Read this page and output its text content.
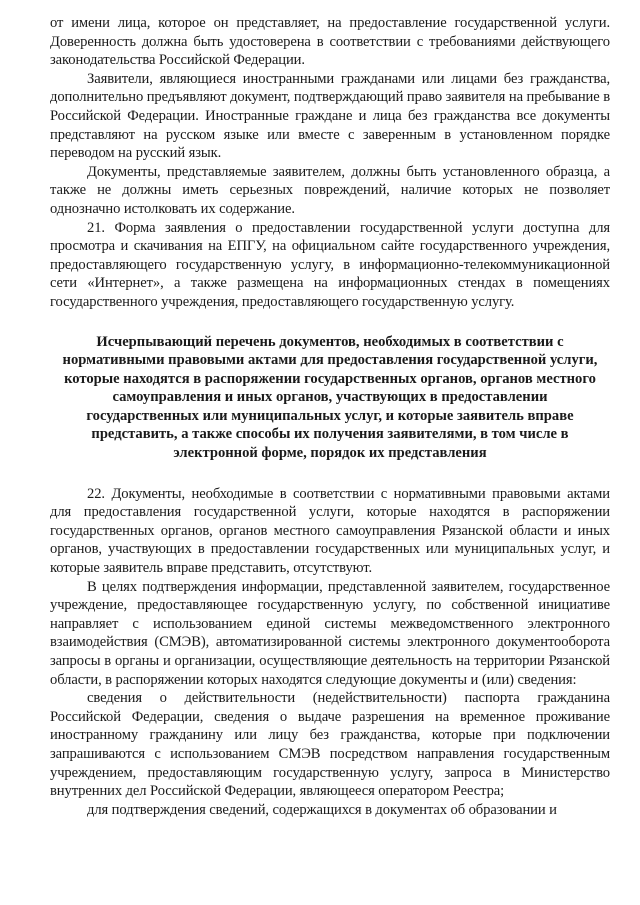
от имени лица, которое он представляет, на предоставление государственной услуги. Доверенность должна быть удостоверена в соответствии с требованиями действующего законодательства Российской Федерации.

Заявители, являющиеся иностранными гражданами или лицами без гражданства, дополнительно предъявляют документ, подтверждающий право заявителя на пребывание в Российской Федерации. Иностранные граждане и лица без гражданства все документы представляют на русском языке или вместе с заверенным в установленном порядке переводом на русский язык.

Документы, представляемые заявителем, должны быть установленного образца, а также не должны иметь серьезных повреждений, наличие которых не позволяет однозначно истолковать их содержание.

21. Форма заявления о предоставлении государственной услуги доступна для просмотра и скачивания на ЕПГУ, на официальном сайте государственного учреждения, предоставляющего государственную услугу, в информационно-телекоммуникационной сети «Интернет», а также размещена на информационных стендах в помещениях государственного учреждения, предоставляющего государственную услугу.

Исчерпывающий перечень документов, необходимых в соответствии с нормативными правовыми актами для предоставления государственной услуги, которые находятся в распоряжении государственных органов, органов местного самоуправления и иных органов, участвующих в предоставлении государственных или муниципальных услуг, и которые заявитель вправе представить, а также способы их получения заявителями, в том числе в электронной форме, порядок их представления

22. Документы, необходимые в соответствии с нормативными правовыми актами для предоставления государственной услуги, которые находятся в распоряжении государственных органов, органов местного самоуправления Рязанской области и иных органов, участвующих в предоставлении государственных или муниципальных услуг, и которые заявитель вправе представить, отсутствуют.

В целях подтверждения информации, представленной заявителем, государственное учреждение, предоставляющее государственную услугу, по собственной инициативе направляет с использованием единой системы межведомственного электронного взаимодействия (СМЭВ), автоматизированной системы электронного документооборота запросы в органы и организации, осуществляющие деятельность на территории Рязанской области, в распоряжении которых находятся следующие документы и (или) сведения:

сведения о действительности (недействительности) паспорта гражданина Российской Федерации, сведения о выдаче разрешения на временное проживание иностранному гражданину или лицу без гражданства, которые при подключении запрашиваются с использованием СМЭВ посредством направления государственным учреждением, предоставляющим государственную услугу, запроса в Министерство внутренних дел Российской Федерации, являющееся оператором Реестра;

для подтверждения сведений, содержащихся в документах об образовании и
